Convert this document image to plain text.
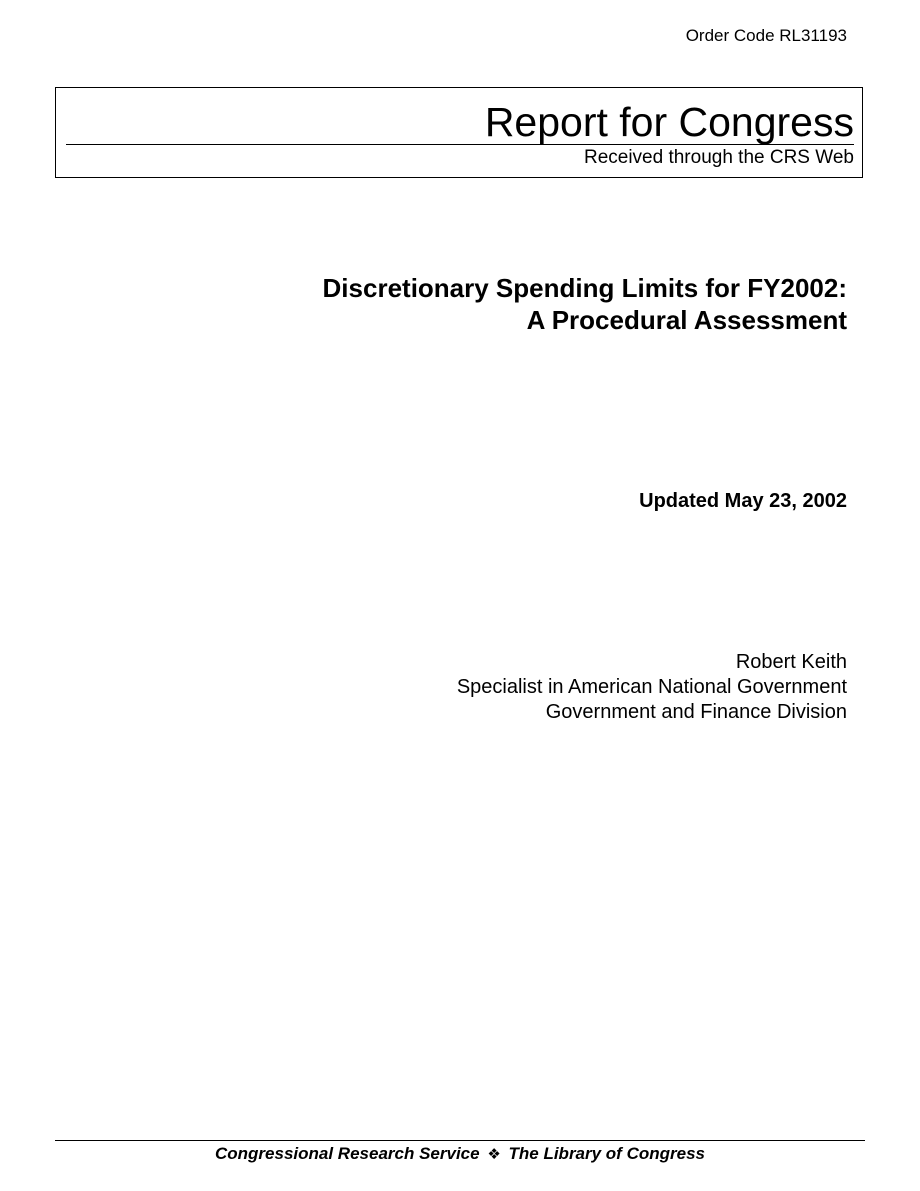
Order Code RL31193
Report for Congress
Received through the CRS Web
Discretionary Spending Limits for FY2002:
A Procedural Assessment
Updated May 23, 2002
Robert Keith
Specialist in American National Government
Government and Finance Division
Congressional Research Service ❖ The Library of Congress
